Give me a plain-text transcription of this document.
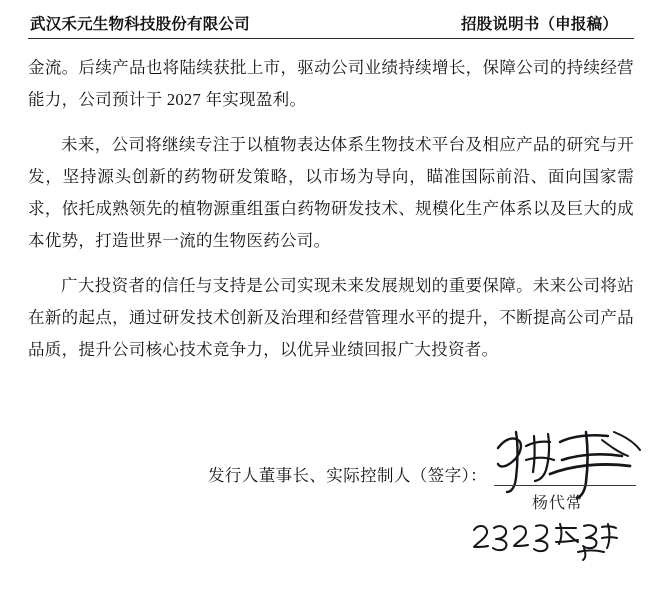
武汉禾元生物科技股份有限公司	招股说明书（申报稿）

金流。后续产品也将陆续获批上市，驱动公司业绩持续增长，保障公司的持续经营能力，公司预计于 2027 年实现盈利。

未来，公司将继续专注于以植物表达体系生物技术平台及相应产品的研究与开发，坚持源头创新的药物研发策略，以市场为导向，瞄准国际前沿、面向国家需求，依托成熟领先的植物源重组蛋白药物研发技术、规模化生产体系以及巨大的成本优势，打造世界一流的生物医药公司。

广大投资者的信任与支持是公司实现未来发展规划的重要保障。未来公司将站在新的起点，通过研发技术创新及治理和经营管理水平的提升，不断提高公司产品品质，提升公司核心技术竞争力，以优异业绩回报广大投资者。

发行人董事长、实际控制人（签字）：
杨代常
